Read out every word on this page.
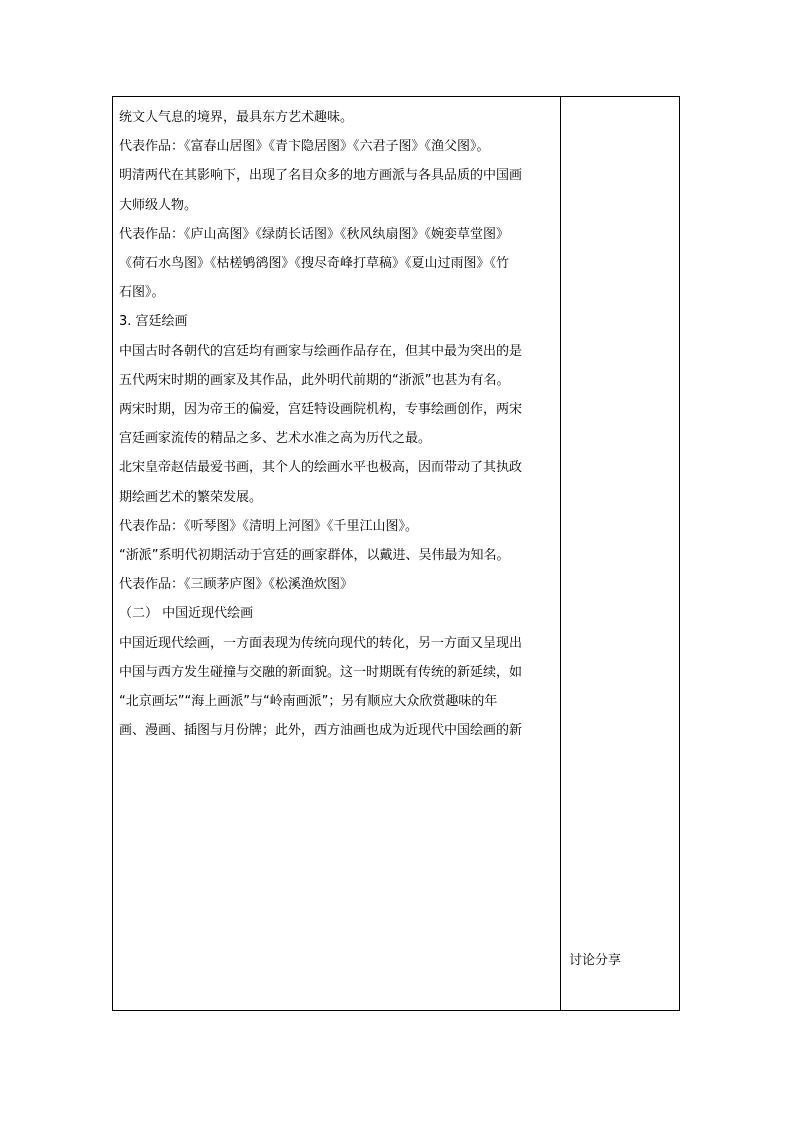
统文人气息的境界，最具东方艺术趣味。
代表作品：《富春山居图》《青卞隐居图》《六君子图》《渔父图》。
明清两代在其影响下，出现了名目众多的地方画派与各具品质的中国画
大师级人物。
代表作品：《庐山高图》《绿荫长话图》《秋风纨扇图》《婉娈草堂图》
《荷石水鸟图》《枯槎鸲鹆图》《搜尽奇峰打草稿》《夏山过雨图》《竹
石图》。
3. 宫廷绘画
中国古时各朝代的宫廷均有画家与绘画作品存在，但其中最为突出的是
五代两宋时期的画家及其作品，此外明代前期的“浙派”也甚为有名。
两宋时期，因为帝王的偏爱，宫廷特设画院机构，专事绘画创作，两宋
宫廷画家流传的精品之多、艺术水准之高为历代之最。
北宋皇帝赵佶最爱书画，其个人的绘画水平也极高，因而带动了其执政
期绘画艺术的繁荣发展。
代表作品：《听琴图》《清明上河图》《千里江山图》。
“浙派”系明代初期活动于宫廷的画家群体，以戴进、吴伟最为知名。
代表作品：《三顾茅庐图》《松溪渔炊图》
（二） 中国近现代绘画
中国近现代绘画，一方面表现为传统向现代的转化，另一方面又呈现出
中国与西方发生碰撞与交融的新面貌。这一时期既有传统的新延续，如
“北京画坛”“海上画派”与“岭南画派”；另有顺应大众欣赏趣味的年
画、漫画、插图与月份牌；此外，西方油画也成为近现代中国绘画的新
讨论分享
